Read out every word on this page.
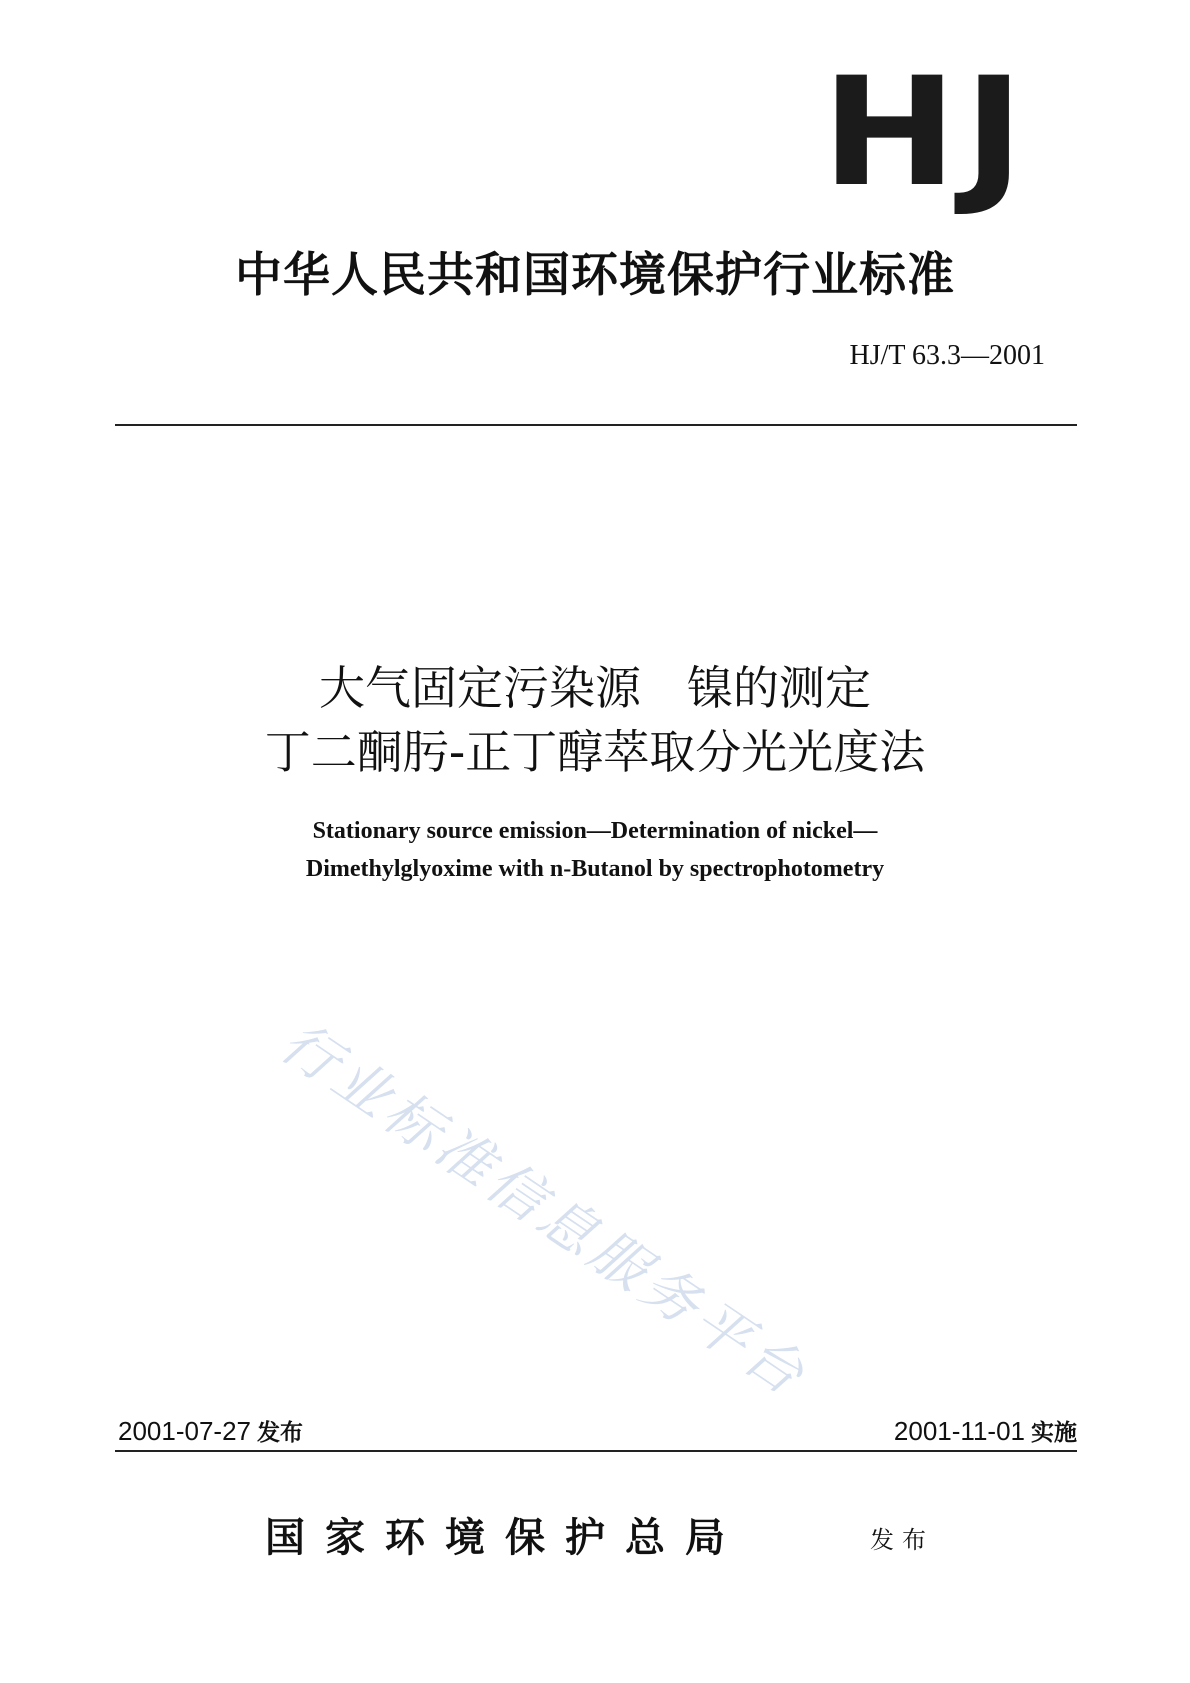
HJ
中华人民共和国环境保护行业标准
HJ/T 63.3—2001
大气固定污染源　镍的测定
丁二酮肟-正丁醇萃取分光光度法
Stationary source emission—Determination of nickel—
Dimethylglyoxime with n-Butanol by spectrophotometry
行业标准信息服务平台
2001-07-27 发布	2001-11-01 实施
国家环境保护总局	发布
